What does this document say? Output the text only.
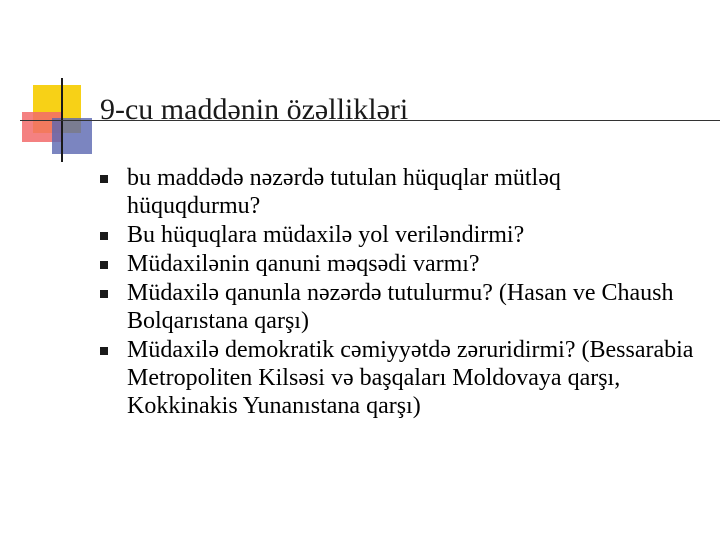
9-cu maddənin özəllikləri
bu maddədə nəzərdə tutulan hüquqlar mütləq hüquqdurmu?
Bu hüquqlara müdaxilə yol veriləndirmi?
Müdaxilənin qanuni məqsədi varmı?
Müdaxilə qanunla nəzərdə tutulurmu? (Hasan ve Chaush Bolqarıstana qarşı)
Müdaxilə demokratik cəmiyyətdə zəruridirmi? (Bessarabia Metropoliten Kilsəsi və başqaları Moldovaya qarşı, Kokkinakis Yunanıstana qarşı)
